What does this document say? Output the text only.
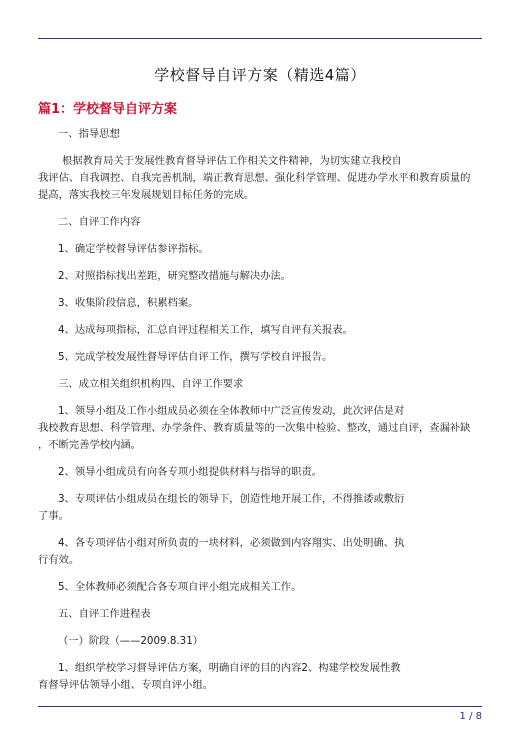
学校督导自评方案（精选4篇）
篇1：学校督导自评方案

一、指导思想

根据教育局关于发展性教育督导评估工作相关文件精神，为切实建立我校自

我评估、自我调控、自我完善机制，端正教育思想、强化科学管理、促进办学水平和教育质量的

提高，落实我校三年发展规划目标任务的完成。

二、自评工作内容

1、确定学校督导评估参评指标。

2、对照指标找出差距，研究整改措施与解决办法。

3、收集阶段信息，积累档案。

4、达成每项指标，汇总自评过程相关工作，填写自评有关报表。

5、完成学校发展性督导评估自评工作，撰写学校自评报告。

三、成立相关组织机构四、自评工作要求

1、领导小组及工作小组成员必须在全体教师中广泛宣传发动，此次评估是对

我校教育思想、科学管理、办学条件、教育质量等的一次集中检验、整改，通过自评，查漏补缺

，不断完善学校内涵。

2、领导小组成员有向各专项小组提供材料与指导的职责。

3、专项评估小组成员在组长的领导下，创造性地开展工作，不得推诿或敷衍

了事。

4、各专项评估小组对所负责的一块材料，必须做到内容翔实、出处明确、执

行有效。

5、全体教师必须配合各专项自评小组完成相关工作。

五、自评工作进程表

（一）阶段（——2009.8.31）

1、组织学校学习督导评估方案，明确自评的目的内容2、构建学校发展性教

育督导评估领导小组、专项自评小组。

1 / 8
